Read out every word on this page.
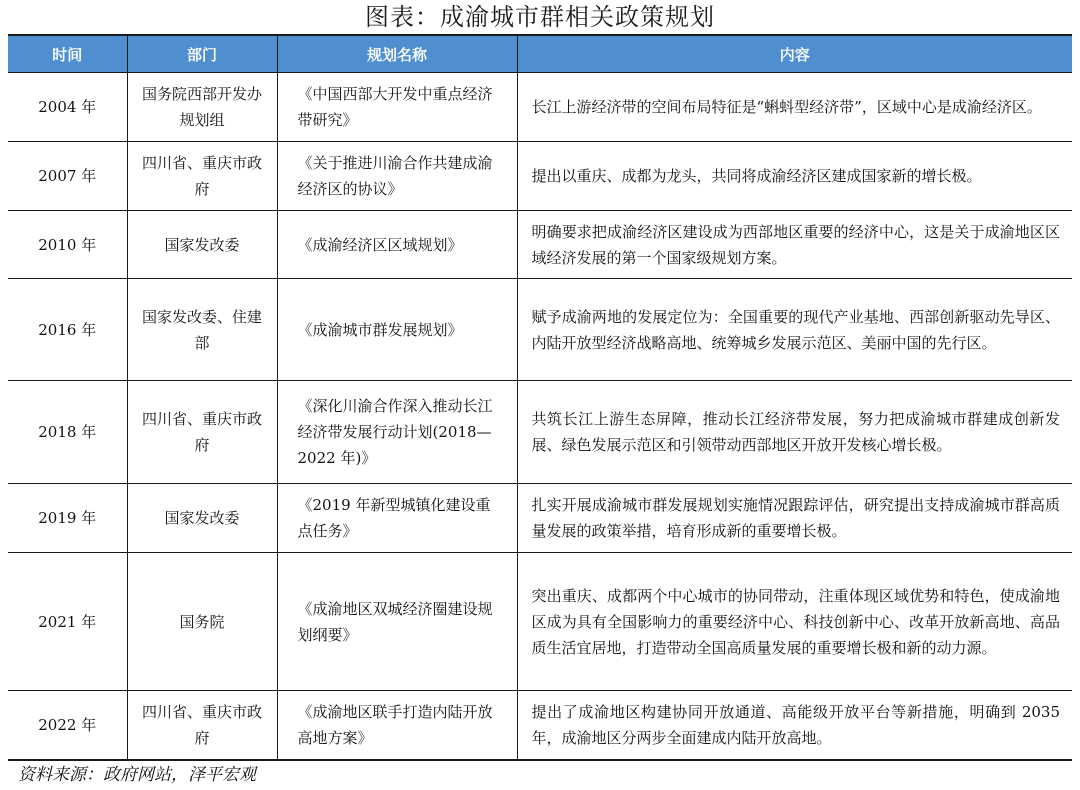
图表：成渝城市群相关政策规划
时间	部门	规划名称	内容
2004 年	国务院西部开发办规划组	《中国西部大开发中重点经济带研究》	长江上游经济带的空间布局特征是“蝌蚪型经济带”，区域中心是成渝经济区。
2007 年	四川省、重庆市政府	《关于推进川渝合作共建成渝经济区的协议》	提出以重庆、成都为龙头，共同将成渝经济区建成国家新的增长极。
2010 年	国家发改委	《成渝经济区区域规划》	明确要求把成渝经济区建设成为西部地区重要的经济中心，这是关于成渝地区区域经济发展的第一个国家级规划方案。
2016 年	国家发改委、住建部	《成渝城市群发展规划》	赋予成渝两地的发展定位为：全国重要的现代产业基地、西部创新驱动先导区、内陆开放型经济战略高地、统筹城乡发展示范区、美丽中国的先行区。
2018 年	四川省、重庆市政府	《深化川渝合作深入推动长江经济带发展行动计划(2018—2022 年)》	共筑长江上游生态屏障，推动长江经济带发展，努力把成渝城市群建成创新发展、绿色发展示范区和引领带动西部地区开放开发核心增长极。
2019 年	国家发改委	《2019 年新型城镇化建设重点任务》	扎实开展成渝城市群发展规划实施情况跟踪评估，研究提出支持成渝城市群高质量发展的政策举措，培育形成新的重要增长极。
2021 年	国务院	《成渝地区双城经济圈建设规划纲要》	突出重庆、成都两个中心城市的协同带动，注重体现区域优势和特色，使成渝地区成为具有全国影响力的重要经济中心、科技创新中心、改革开放新高地、高品质生活宜居地，打造带动全国高质量发展的重要增长极和新的动力源。
2022 年	四川省、重庆市政府	《成渝地区联手打造内陆开放高地方案》	提出了成渝地区构建协同开放通道、高能级开放平台等新措施，明确到 2035 年，成渝地区分两步全面建成内陆开放高地。
资料来源：政府网站，泽平宏观
